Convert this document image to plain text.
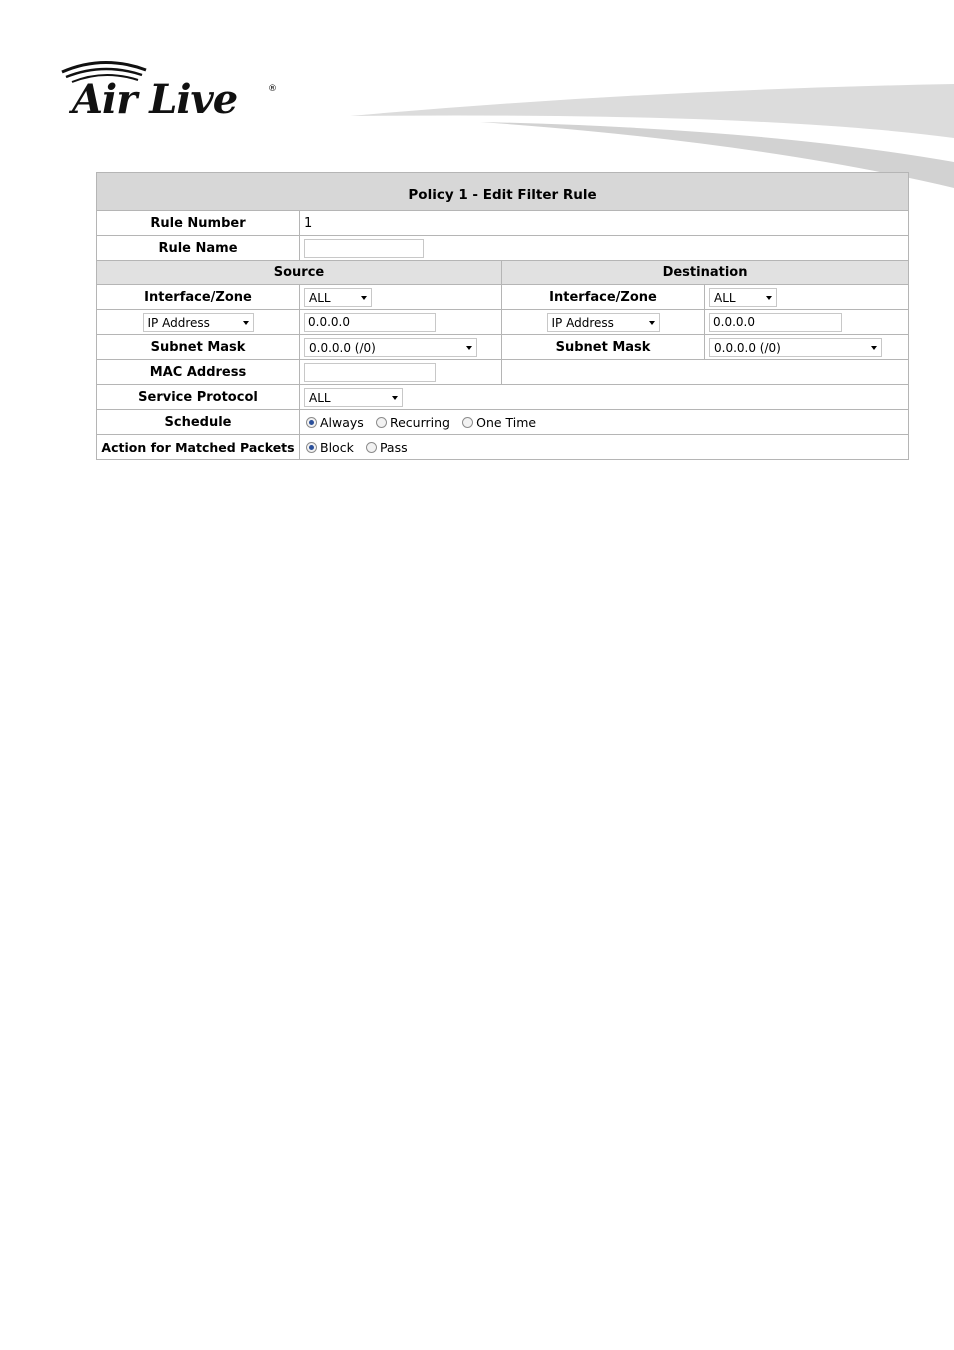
Air Live	®
Policy 1 - Edit Filter Rule			
Rule Number	1		
Rule Name			
Source		Destination	
Interface/Zone	ALL	Interface/Zone	ALL

IP Address	0.0.0.0	IP Address	0.0.0.0
Subnet Mask	0.0.0.0 (/0)	Subnet Mask	0.0.0.0 (/0)

MAC Address			
Service Protocol	ALL		

Schedule	Always Recurring One Time		
Action for Matched Packets	Block Pass		
